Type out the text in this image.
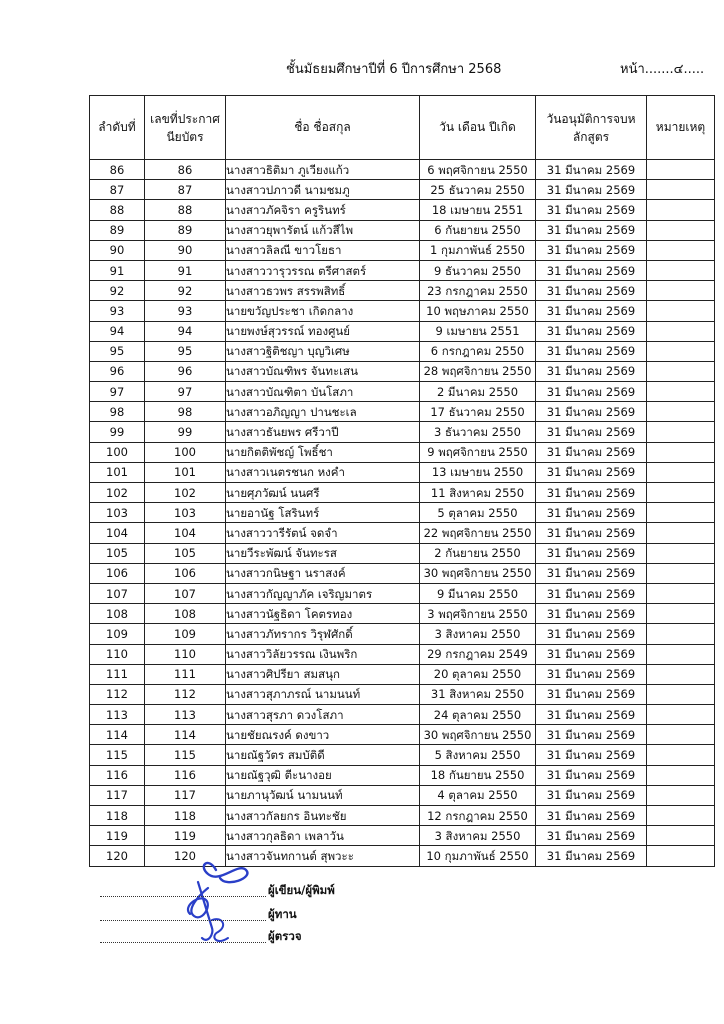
ชั้นมัธยมศึกษาปีที่ 6 ปีการศึกษา 2568	หน้า.......๔.....
ลำดับที่	เลขที่ประกาศนียบัตร	ชื่อ ชื่อสกุล	วัน เดือน ปีเกิด	วันอนุมัติการจบหลักสูตร	หมายเหตุ
86	86	นางสาวธิติมา ภูเวียงแก้ว	6 พฤศจิกายน 2550	31 มีนาคม 2569	
87	87	นางสาวปภาวดี นามชมภู	25 ธันวาคม 2550	31 มีนาคม 2569	
88	88	นางสาวภัคจิรา ครูรินทร์	18 เมษายน 2551	31 มีนาคม 2569	
89	89	นางสาวยุพารัตน์ แก้วสีไพ	6 กันยายน 2550	31 มีนาคม 2569	
90	90	นางสาวลิลณี ขาวโยธา	1 กุมภาพันธ์ 2550	31 มีนาคม 2569	
91	91	นางสาววารุวรรณ ตรีศาสตร์	9 ธันวาคม 2550	31 มีนาคม 2569	
92	92	นางสาวธวพร สรรพสิทธิ์	23 กรกฎาคม 2550	31 มีนาคม 2569	
93	93	นายขวัญประชา เกิดกลาง	10 พฤษภาคม 2550	31 มีนาคม 2569	
94	94	นายพงษ์สุวรรณ์ ทองศูนย์	9 เมษายน 2551	31 มีนาคม 2569	
95	95	นางสาวฐิติชญา บุญวิเศษ	6 กรกฎาคม 2550	31 มีนาคม 2569	
96	96	นางสาวบัณฑิพร จันทะเสน	28 พฤศจิกายน 2550	31 มีนาคม 2569	
97	97	นางสาวบัณฑิตา บันโสภา	2 มีนาคม 2550	31 มีนาคม 2569	
98	98	นางสาวอภิญญา ปานชะเล	17 ธันวาคม 2550	31 มีนาคม 2569	
99	99	นางสาวธันยพร ศรีวาปี	3 ธันวาคม 2550	31 มีนาคม 2569	
100	100	นายกิตติพัชญ์ โพธิ์ชา	9 พฤศจิกายน 2550	31 มีนาคม 2569	
101	101	นางสาวเนตรชนก หงคำ	13 เมษายน 2550	31 มีนาคม 2569	
102	102	นายศุภวัฒน์ นนศรี	11 สิงหาคม 2550	31 มีนาคม 2569	
103	103	นายอานัฐ โสรินทร์	5 ตุลาคม 2550	31 มีนาคม 2569	
104	104	นางสาววารีรัตน์ จดจำ	22 พฤศจิกายน 2550	31 มีนาคม 2569	
105	105	นายวีระพัฒน์ จันทะรส	2 กันยายน 2550	31 มีนาคม 2569	
106	106	นางสาวกนิษฐา นราสงค์	30 พฤศจิกายน 2550	31 มีนาคม 2569	
107	107	นางสาวกัญญาภัค เจริญมาตร	9 มีนาคม 2550	31 มีนาคม 2569	
108	108	นางสาวนัฐธิดา โคตรทอง	3 พฤศจิกายน 2550	31 มีนาคม 2569	
109	109	นางสาวภัทรากร วิรุฬศักดิ์	3 สิงหาคม 2550	31 มีนาคม 2569	
110	110	นางสาววิลัยวรรณ เงินพริก	29 กรกฎาคม 2549	31 มีนาคม 2569	
111	111	นางสาวศิปรียา สมสนุก	20 ตุลาคม 2550	31 มีนาคม 2569	
112	112	นางสาวสุภาภรณ์ นามนนท์	31 สิงหาคม 2550	31 มีนาคม 2569	
113	113	นางสาวสุรภา ดวงโสภา	24 ตุลาคม 2550	31 มีนาคม 2569	
114	114	นายชัยณรงค์ ดงขาว	30 พฤศจิกายน 2550	31 มีนาคม 2569	
115	115	นายณัฐวัตร สมบัติดี	5 สิงหาคม 2550	31 มีนาคม 2569	
116	116	นายณัฐวุฒิ ตีะนางอย	18 กันยายน 2550	31 มีนาคม 2569	
117	117	นายภานุวัฒน์ นามนนท์	4 ตุลาคม 2550	31 มีนาคม 2569	
118	118	นางสาวกัลยกร อินทะชัย	12 กรกฎาคม 2550	31 มีนาคม 2569	
119	119	นางสาวกุลธิดา เพลาวัน	3 สิงหาคม 2550	31 มีนาคม 2569	
120	120	นางสาวจันทกานต์ สุพวะะ	10 กุมภาพันธ์ 2550	31 มีนาคม 2569	
ผู้เขียน/ผู้พิมพ์
ผู้ทาน
ผู้ตรวจ
